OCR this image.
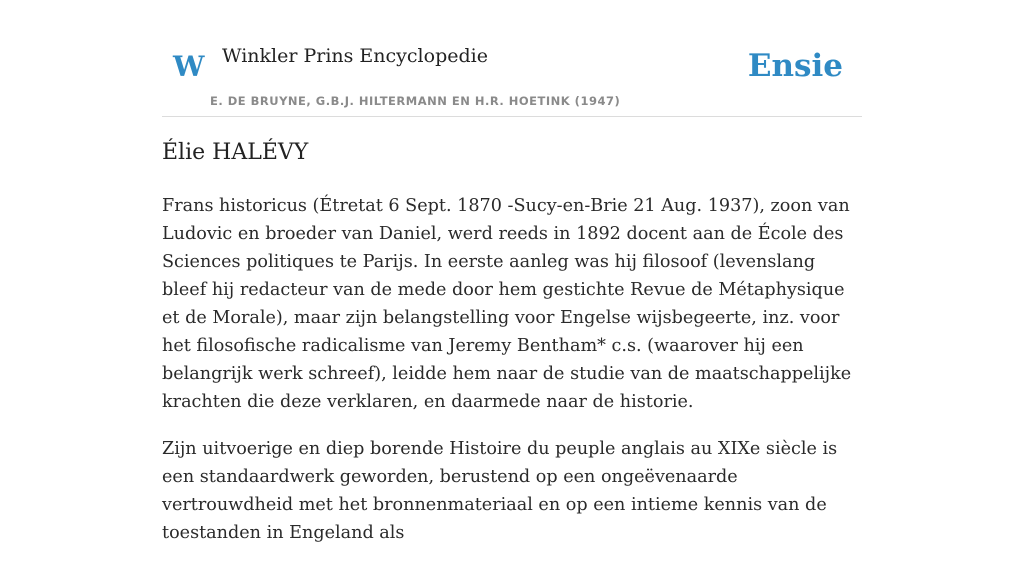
W Winkler Prins Encyclopedie
E. DE BRUYNE, G.B.J. HILTERMANN EN H.R. HOETINK (1947)
Ensie
Élie HALÉVY

Frans historicus (Étretat 6 Sept. 1870 -Sucy-en-Brie 21 Aug. 1937), zoon van Ludovic en broeder van Daniel, werd reeds in 1892 docent aan de École des Sciences politiques te Parijs. In eerste aanleg was hij filosoof (levenslang bleef hij redacteur van de mede door hem gestichte Revue de Métaphysique et de Morale), maar zijn belangstelling voor Engelse wijsbegeerte, inz. voor het filosofische radicalisme van Jeremy Bentham* c.s. (waarover hij een belangrijk werk schreef), leidde hem naar de studie van de maatschappelijke krachten die deze verklaren, en daarmede naar de historie.

Zijn uitvoerige en diep borende Histoire du peuple anglais au XIXe siècle is een standaardwerk geworden, berustend op een ongeëvenaarde vertrouwdheid met het bronnenmateriaal en op een intieme kennis van de toestanden in Engeland als
